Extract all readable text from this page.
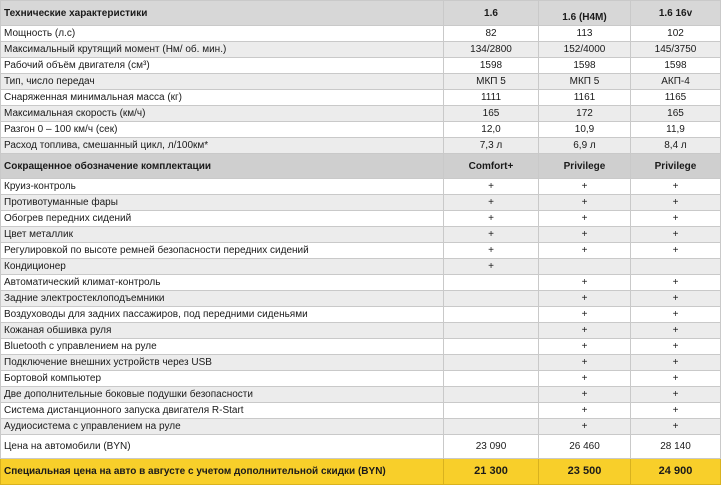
Технические характеристики	1.6	1.6 (H4M)	1.6 16v
Мощность (л.с)	82	113	102
Максимальный крутящий момент (Нм/ об. мин.)	134/2800	152/4000	145/3750
Рабочий объём двигателя (см³)	1598	1598	1598
Тип, число передач	МКП 5	МКП 5	АКП-4
Снаряженная минимальная масса (кг)	1111	1161	1165
Максимальная скорость (км/ч)	165	172	165
Разгон 0 – 100 км/ч (сек)	12,0	10,9	11,9
Расход топлива, смешанный цикл, л/100км*	7,3 л	6,9 л	8,4 л
Сокращенное обозначение комплектации	Comfort+	Privilege	Privilege
Круиз-контроль	+	+	+
Противотуманные фары	+	+	+
Обогрев передних сидений	+	+	+
Цвет металлик	+	+	+
Регулировкой по высоте ремней безопасности передних сидений	+	+	+
Кондиционер	+		
Автоматический климат-контроль		+	+
Задние электростеклоподъемники		+	+
Воздуховоды для задних пассажиров, под передними сиденьями		+	+
Кожаная обшивка руля		+	+
Bluetooth с управлением на руле		+	+
Подключение внешних устройств через USB		+	+
Бортовой компьютер		+	+
Две дополнительные боковые подушки безопасности		+	+
Система дистанционного запуска двигателя R-Start		+	+
Аудиосистема с управлением на руле		+	+
Цена на автомобили (BYN)	23 090	26 460	28 140
Специальная цена на авто в августе с учетом дополнительной скидки (BYN)	21 300	23 500	24 900
